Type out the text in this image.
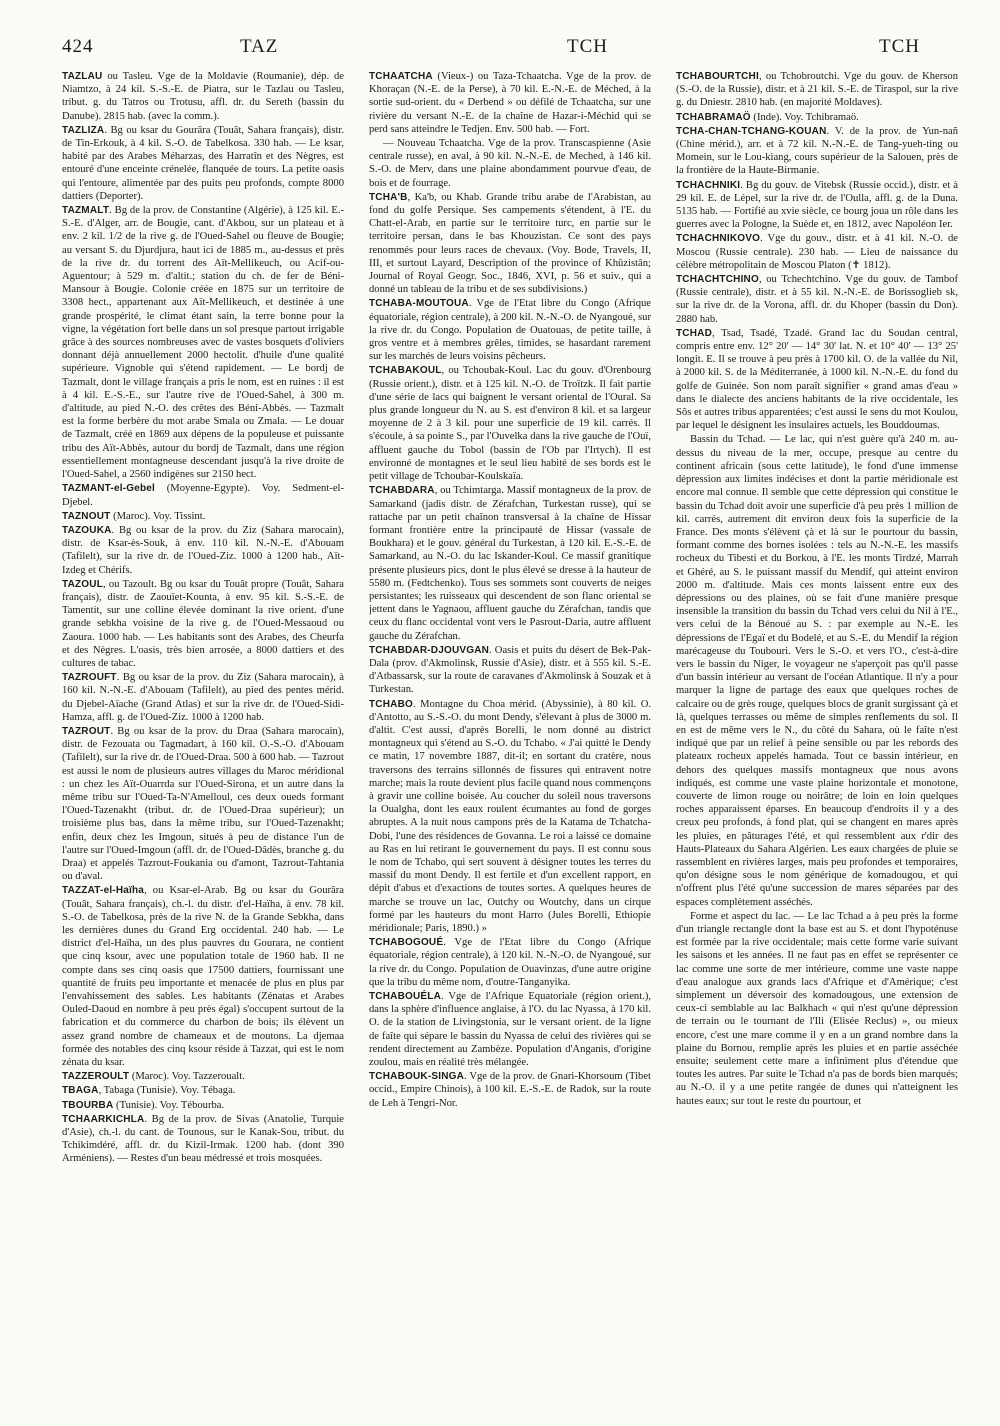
424	TAZ	TCH	TCH

TAZLAU ou Tasleu. Vge de la Moldavie (Roumanie), dép. de Niamtzo, à 24 kil. S.-S.-E. de Piatra, sur le Tazlau ou Tasleu, tribut. g. du Tatros ou Trotusu, affl. dr. du Sereth (bassin du Danube). 2815 hab. (avec la comm.).

TAZLIZA. Bg ou ksar du Gourâra (Touât, Sahara français), distr. de Tin-Erkouk, à 4 kil. S.-O. de Tabelkosa. 330 hab. — Le ksar, habité par des Arabes Méharzas, des Harratîn et des Nègres, est entouré d'une enceinte crénelée, flanquée de tours. La petite oasis qui l'entoure, alimentée par des puits peu profonds, compte 8000 dattiers (Deporter).

TAZMALT. Bg de la prov. de Constantine (Algérie), à 125 kil. E.-S.-E. d'Alger, arr. de Bougie, cant. d'Akbou, sur un plateau et à env. 2 kil. 1/2 de la rive g. de l'Oued-Sahel ou fleuve de Bougie; au versant S. du Djurdjura, haut ici de 1885 m., au-dessus et près de la rive dr. du torrent des Aït-Mellikeuch, ou Acif-ou-Aguentour; à 529 m. d'altit.; station du ch. de fer de Béni-Mansour à Bougie. Colonie créée en 1875 sur un territoire de 3308 hect., appartenant aux Aït-Mellikeuch, et destinée à une grande prospérité, le climat étant sain, la terre bonne pour la vigne, la végétation fort belle dans un sol presque partout irrigable grâce à des sources nombreuses avec de vastes bosquets d'oliviers donnant déjà annuellement 2000 hectolit. d'huile d'une qualité supérieure. Vignoble qui s'étend rapidement. — Le bordj de Tazmalt, dont le village français a pris le nom, est en ruines : il est à 4 kil. E.-S.-E., sur l'autre rive de l'Oued-Sahel, à 300 m. d'altitude, au pied N.-O. des crêtes des Béni-Abbès. — Tazmalt est la forme berbère du mot arabe Smala ou Zmala. — Le douar de Tazmalt, créé en 1869 aux dépens de la populeuse et puissante tribu des Aït-Abbès, autour du bordj de Tazmalt, dans une région essentiellement montagneuse descendant jusqu'à la rive droite de l'Oued-Sahel, a 2560 indigènes sur 2150 hect.

TAZMANT-el-Gebel (Moyenne-Egypte). Voy. Sedment-el-Djebel.

TAZNOUT (Maroc). Voy. Tissint.

TAZOUKA. Bg ou ksar de la prov. du Ziz (Sahara marocain), distr. de Ksar-ès-Souk, à env. 110 kil. N.-N.-E. d'Abouam (Tafilelt), sur la rive dr. de l'Oued-Ziz. 1000 à 1200 hab., Aït-Izdeg et Chérifs.

TAZOUL, ou Tazoult. Bg ou ksar du Touât propre (Touât, Sahara français), distr. de Zaouïet-Kounta, à env. 95 kil. S.-S.-E. de Tamentit, sur une colline élevée dominant la rive orient. d'une grande sebkha voisine de la rive g. de l'Oued-Messaoud ou Zaoura. 1000 hab. — Les habitants sont des Arabes, des Cheurfa et des Nègres. L'oasis, très bien arrosée, a 8000 dattiers et des cultures de tabac.

TAZROUFT. Bg ou ksar de la prov. du Ziz (Sahara marocain), à 160 kil. N.-N.-E. d'Abouam (Tafilelt), au pied des pentes mérid. du Djebel-Aïache (Grand Atlas) et sur la rive dr. de l'Oued-Sidi-Hamza, affl. g. de l'Oued-Ziz. 1000 à 1200 hab.

TAZROUT. Bg ou ksar de la prov. du Draa (Sahara marocain), distr. de Fezouata ou Tagmadart, à 160 kil. O.-S.-O. d'Abouam (Tafilelt), sur la rive dr. de l'Oued-Draa. 500 à 600 hab. — Tazrout est aussi le nom de plusieurs autres villages du Maroc méridional : un chez les Aït-Ouarrda sur l'Oued-Sirona, et un autre dans la même tribu sur l'Oued-Ta-N'Amelloul, ces deux oueds formant l'Oued-Tazenakht (tribut. dr. de l'Oued-Draa supérieur); un troisième plus bas, dans la même tribu, sur l'Oued-Tazenakht; enfin, deux chez les Imgoun, situés à peu de distance l'un de l'autre sur l'Oued-Imgoun (affl. dr. de l'Oued-Dâdès, branche g. du Draa) et appelés Tazrout-Foukania ou d'amont, Tazrout-Tahtania ou d'aval.

TAZZAT-el-Haïha, ou Ksar-el-Arab. Bg ou ksar du Gourâra (Touât, Sahara français), ch.-l. du distr. d'el-Haïha, à env. 78 kil. S.-O. de Tabelkosa, près de la rive N. de la Grande Sebkha, dans les dernières dunes du Grand Erg occidental. 240 hab. — Le district d'el-Haïha, un des plus pauvres du Gourara, ne contient que cinq ksour, avec une population totale de 1960 hab. Il ne compte dans ses cinq oasis que 17500 dattiers, fournissant une quantité de fruits peu importante et menacée de plus en plus par l'envahissement des sables. Les habitants (Zénatas et Arabes Ouled-Daoud en nombre à peu près égal) s'occupent surtout de la fabrication et du commerce du charbon de bois; ils élèvent un assez grand nombre de chameaux et de moutons. La djemaa formée des notables des cinq ksour réside à Tazzat, qui est le nom zénata du ksar.

TAZZEROULT (Maroc). Voy. Tazzeroualt.

TBAGA, Tabaga (Tunisie). Voy. Tébaga.

TBOURBA (Tunisie). Voy. Tébourba.

TCHAARKICHLA. Bg de la prov. de Sivas (Anatolie, Turquie d'Asie), ch.-l. du cant. de Tounous, sur le Kanak-Sou, tribut. du Tchikimdéré, affl. dr. du Kizil-Irmak. 1200 hab. (dont 390 Arméniens). — Restes d'un beau médressé et trois mosquées.

TCHAATCHA (Vieux-) ou Taza-Tchaatcha. Vge de la prov. de Khoraçan (N.-E. de la Perse), à 70 kil. E.-N.-E. de Méched, à la sortie sud-orient. du « Derbend » ou défilé de Tchaatcha, sur une rivière du versant N.-E. de la chaîne de Hazar-i-Méchid qui se perd sans atteindre le Tedjen. Env. 500 hab. — Fort.

— Nouveau Tchaatcha. Vge de la prov. Transcaspienne (Asie centrale russe), en aval, à 90 kil. N.-N.-E. de Meched, à 146 kil. S.-O. de Merv, dans une plaine abondamment pourvue d'eau, de bois et de fourrage.

TCHA'B, Ka'b, ou Khab. Grande tribu arabe de l'Arabistan, au fond du golfe Persique. Ses campements s'étendent, à l'E. du Chatt-el-Arab, en partie sur le territoire turc, en partie sur le territoire persan, dans le bas Khouzistan. Ce sont des pays renommés pour leurs races de chevaux. (Voy. Bode, Travels, II, III, et surtout Layard, Description of the province of Khûzistân; Journal of Royal Geogr. Soc., 1846, XVI, p. 56 et suiv., qui a donné un tableau de la tribu et de ses subdivisions.)

TCHABA-MOUTOUA. Vge de l'Etat libre du Congo (Afrique équatoriale, région centrale), à 200 kil. N.-N.-O. de Nyangoué, sur la rive dr. du Congo. Population de Ouatouas, de petite taille, à gros ventre et à membres grêles, timides, se hasardant rarement sur les marchés de leurs voisins pêcheurs.

TCHABAKOUL, ou Tchoubak-Koul. Lac du gouv. d'Orenbourg (Russie orient.), distr. et à 125 kil. N.-O. de Troïtzk. Il fait partie d'une série de lacs qui baignent le versant oriental de l'Oural. Sa plus grande longueur du N. au S. est d'environ 8 kil. et sa largeur moyenne de 2 à 3 kil. pour une superficie de 19 kil. carrés. Il s'écoule, à sa pointe S., par l'Ouvelka dans la rive gauche de l'Ouï, affluent gauche du Tobol (bassin de l'Ob par l'Irtych). Il est environné de montagnes et le seul lieu habité de ses bords est le petit village de Tchoubar-Koulskaïa.

TCHABDARA, ou Tchimtarga. Massif montagneux de la prov. de Samarkand (jadis distr. de Zérafchan, Turkestan russe), qui se rattache par un petit chaînon transversal à la chaîne de Hissar formant frontière entre la principauté de Hissar (vassale de Boukhara) et le gouv. général du Turkestan, à 120 kil. E.-S.-E. de Samarkand, au N.-O. du lac Iskander-Koul. Ce massif granitique présente plusieurs pics, dont le plus élevé se dresse à la hauteur de 5580 m. (Fedtchenko). Tous ses sommets sont couverts de neiges persistantes; les ruisseaux qui descendent de son flanc oriental se jettent dans le Yagnaou, affluent gauche du Zérafchan, tandis que ceux du flanc occidental vont vers le Pasrout-Daria, autre affluent gauche du Zérafchan.

TCHABDAR-DJOUVGAN. Oasis et puits du désert de Bek-Pak-Dala (prov. d'Akmolinsk, Russie d'Asie), distr. et à 555 kil. S.-E. d'Atbassarsk, sur la route de caravanes d'Akmolinsk à Souzak et à Turkestan.

TCHABO. Montagne du Choa mérid. (Abyssinie), à 80 kil. O. d'Antotto, au S.-S.-O. du mont Dendy, s'élevant à plus de 3000 m. d'altit. C'est aussi, d'après Borelli, le nom donné au district montagneux qui s'étend au S.-O. du Tchabo. « J'ai quitté le Dendy ce matin, 17 novembre 1887, dit-il; en sortant du cratère, nous traversons des terrains sillonnés de fissures qui entravent notre marche; mais la route devient plus facile quand nous commençons à gravir une colline boisée. Au coucher du soleil nous traversons la Oualgha, dont les eaux roulent écumantes au fond de gorges abruptes. A la nuit nous campons près de la Katama de Tchatcha-Dobi, l'une des résidences de Govanna. Le roi a laissé ce domaine au Ras en lui retirant le gouvernement du pays. Il est connu sous le nom de Tchabo, qui sert souvent à désigner toutes les terres du massif du mont Dendy. Il est fertile et d'un excellent rapport, en dépit d'abus et d'exactions de toutes sortes. A quelques heures de marche se trouve un lac, Outchy ou Woutchy, dans un cirque formé par les hauteurs du mont Harro (Jules Borelli, Ethiopie méridionale; Paris, 1890.) »

TCHABOGOUÉ. Vge de l'Etat libre du Congo (Afrique équatoriale, région centrale), à 120 kil. N.-N.-O. de Nyangoué, sur la rive dr. du Congo. Population de Ouavinzas, d'une autre origine que la tribu du même nom, d'outre-Tanganyika.

TCHABOUÉLA. Vge de l'Afrique Equatoriale (région orient.), dans la sphère d'influence anglaise, à l'O. du lac Nyassa, à 170 kil. O. de la station de Livingstonia, sur le versant orient. de la ligne de faîte qui sépare le bassin du Nyassa de celui des rivières qui se rendent directement au Zambèze. Population d'Anganis, d'origine zoulou, mais en réalité très mélangée.

TCHABOUK-SINGA. Vge de la prov. de Gnari-Khorsoum (Tibet occid., Empire Chinois), à 100 kil. E.-S.-E. de Radok, sur la route de Leh à Tengri-Nor.

TCHABOURTCHI, ou Tchobroutchi. Vge du gouv. de Kherson (S.-O. de la Russie), distr. et à 21 kil. S.-E. de Tiraspol, sur la rive g. du Dniestr. 2810 hab. (en majorité Moldaves).

TCHABRAMAÖ (Inde). Voy. Tchibramaö.

TCHA-CHAN-TCHANG-KOUAN. V. de la prov. de Yun-nañ (Chine mérid.), arr. et à 72 kil. N.-N.-E. de Tang-yueh-ting ou Momein, sur le Lou-kiang, cours supérieur de la Salouen, près de la frontière de la Haute-Birmanie.

TCHACHNIKI. Bg du gouv. de Vitebsk (Russie occid.), distr. et à 29 kil. E. de Lépel, sur la rive dr. de l'Oulla, affl. g. de la Duna. 5135 hab. — Fortifié au xvie siècle, ce bourg joua un rôle dans les guerres avec la Pologne, la Suède et, en 1812, avec Napoléon Ier.

TCHACHNIKOVO. Vge du gouv., distr. et à 41 kil. N.-O. de Moscou (Russie centrale). 230 hab. — Lieu de naissance du célèbre métropolitain de Moscou Platon (✝ 1812).

TCHACHTCHINO, ou Tchechtchino. Vge du gouv. de Tambof (Russie centrale), distr. et à 55 kil. N.-N.-E. de Borissoglieb sk, sur la rive dr. de la Vorona, affl. dr. du Khoper (bassin du Don). 2880 hab.

TCHAD, Tsad, Tsadé, Tzadé. Grand lac du Soudan central, compris entre env. 12° 20' — 14° 30' lat. N. et 10° 40' — 13° 25' longit. E. Il se trouve à peu près à 1700 kil. O. de la vallée du Nil, à 2000 kil. S. de la Méditerranée, à 1000 kil. N.-N.-E. du fond du golfe de Guinée. Son nom paraît signifier « grand amas d'eau » dans le dialecte des anciens habitants de la rive occidentale, les Sôs et autres tribus apparentées; c'est aussi le sens du mot Koulou, par lequel le désignent les insulaires actuels, les Bouddoumas.

Bassin du Tchad. — Le lac, qui n'est guère qu'à 240 m. au-dessus du niveau de la mer, occupe, presque au centre du continent africain (sous cette latitude), le fond d'une immense dépression aux limites indécises et dont la partie méridionale est encore mal connue. Il semble que cette dépression qui constitue le bassin du Tchad doit avoir une superficie d'à peu près 1 million de kil. carrés, autrement dit environ deux fois la superficie de la France. Des monts s'élèvent çà et là sur le pourtour du bassin, formant comme des bornes isolées : tels au N.-N.-E. les massifs rocheux du Tibesti et du Borkou, à l'E. les monts Tirdzé, Marrah et Ghéré, au S. le puissant massif du Mendif, qui atteint environ 2000 m. d'altitude. Mais ces monts laissent entre eux des dépressions ou des plaines, où se fait d'une manière presque insensible la transition du bassin du Tchad vers celui du Nil à l'E., vers celui de la Bénoué au S. : par exemple au N.-E. les dépressions de l'Egaï et du Bodelé, et au S.-E. du Mendif la région marécageuse du Toubouri. Vers le S.-O. et vers l'O., c'est-à-dire vers le bassin du Niger, le voyageur ne s'aperçoit pas qu'il passe d'un bassin intérieur au versant de l'océan Atlantique. Il n'y a pour marquer la ligne de partage des eaux que quelques roches de calcaire ou de grès rouge, quelques blocs de granit surgissant çà et là, quelques terrasses ou même de simples renflements du sol. Il en est de même vers le N., du côté du Sahara, où le faîte n'est indiqué que par un relief à peine sensible ou par les rebords des plateaux rocheux appelés hamada. Tout ce bassin intérieur, en dehors des quelques massifs montagneux que nous avons indiqués, est comme une vaste plaine horizontale et monotone, couverte de limon rouge ou noirâtre; de loin en loin quelques roches apparaissent éparses. En beaucoup d'endroits il y a des creux peu profonds, à fond plat, qui se changent en mares après les pluies, en pâturages l'été, et qui ressemblent aux r'dir des Hauts-Plateaux du Sahara Algérien. Les eaux chargées de pluie se rassemblent en rivières larges, mais peu profondes et temporaires, qu'on désigne sous le nom générique de komadougou, et qui n'offrent plus l'été qu'une succession de mares séparées par des espaces complètement asséchés.

Forme et aspect du lac. — Le lac Tchad a à peu près la forme d'un triangle rectangle dont la base est au S. et dont l'hypoténuse est formée par la rive occidentale; mais cette forme varie suivant les saisons et les années. Il ne faut pas en effet se représenter ce lac comme une sorte de mer intérieure, comme une vaste nappe d'eau analogue aux grands lacs d'Afrique et d'Amérique; c'est simplement un déversoir des komadougous, une extension de ceux-ci semblable au lac Balkhach « qui n'est qu'une dépression de terrain ou le tournant de l'Ili (Elisée Reclus) », ou mieux encore, c'est une mare comme il y en a un grand nombre dans la plaine du Bornou, remplie après les pluies et en partie asséchée ensuite; seulement cette mare a infiniment plus d'étendue que toutes les autres. Par suite le Tchad n'a pas de bords bien marqués; au N.-O. il y a une petite rangée de dunes qui n'atteignent les hautes eaux; sur tout le reste du pourtour, et
